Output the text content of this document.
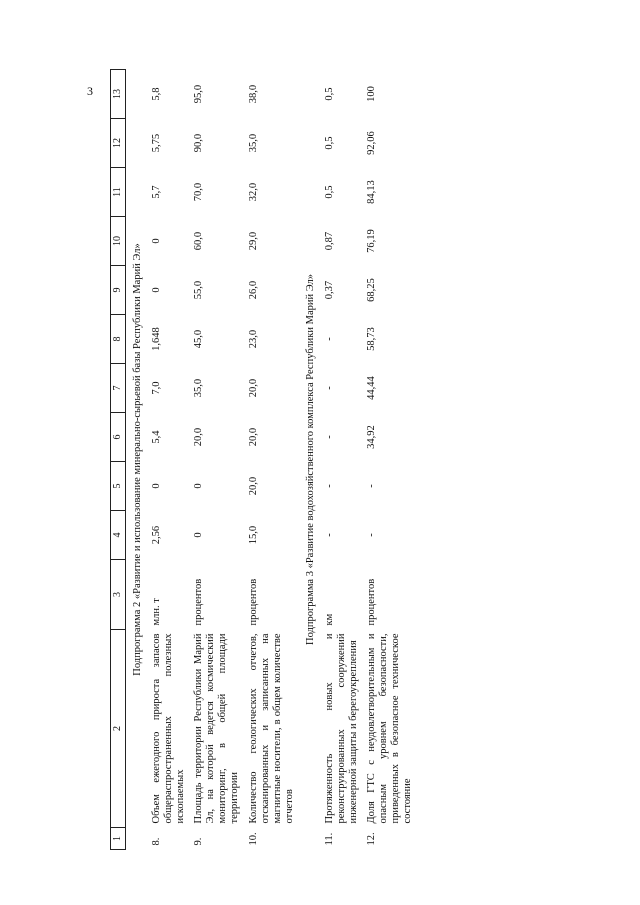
3
1	2	3	4	5	6	7	8	9	10	11	12	13
Подпрограмма 2 «Развитие и использование минерально-сырьевой базы Республики Марий Эл»												
8.	Объем ежегодного прироста запасов общераспространенных полезных ископаемых	млн. т	2,56	0	5,4	7,0	1,648	0	0	5,7	5,75	5,8
9.	Площадь территории Республики Марий Эл, на которой ведется космический мониторинг, в общей площади территории	процентов	0	0	20,0	35,0	45,0	55,0	60,0	70,0	90,0	95,0
10.	Количество геологических отчетов, отсканированных и записанных на магнитные носители, в общем количестве отчетов	процентов	15,0	20,0	20,0	20,0	23,0	26,0	29,0	32,0	35,0	38,0
Подпрограмма 3 «Развитие водохозяйственного комплекса Республики Марий Эл»												
11.	Протяженность новых и реконструированных сооружений инженерной защиты и берегоукрепления	км	-	-	-	-	-	0,37	0,87	0,5	0,5	0,5
12.	Доля ГТС с неудовлетворительным и опасным уровнем безопасности, приведенных в безопасное техническое состояние	процентов	-	-	34,92	44,44	58,73	68,25	76,19	84,13	92,06	100
